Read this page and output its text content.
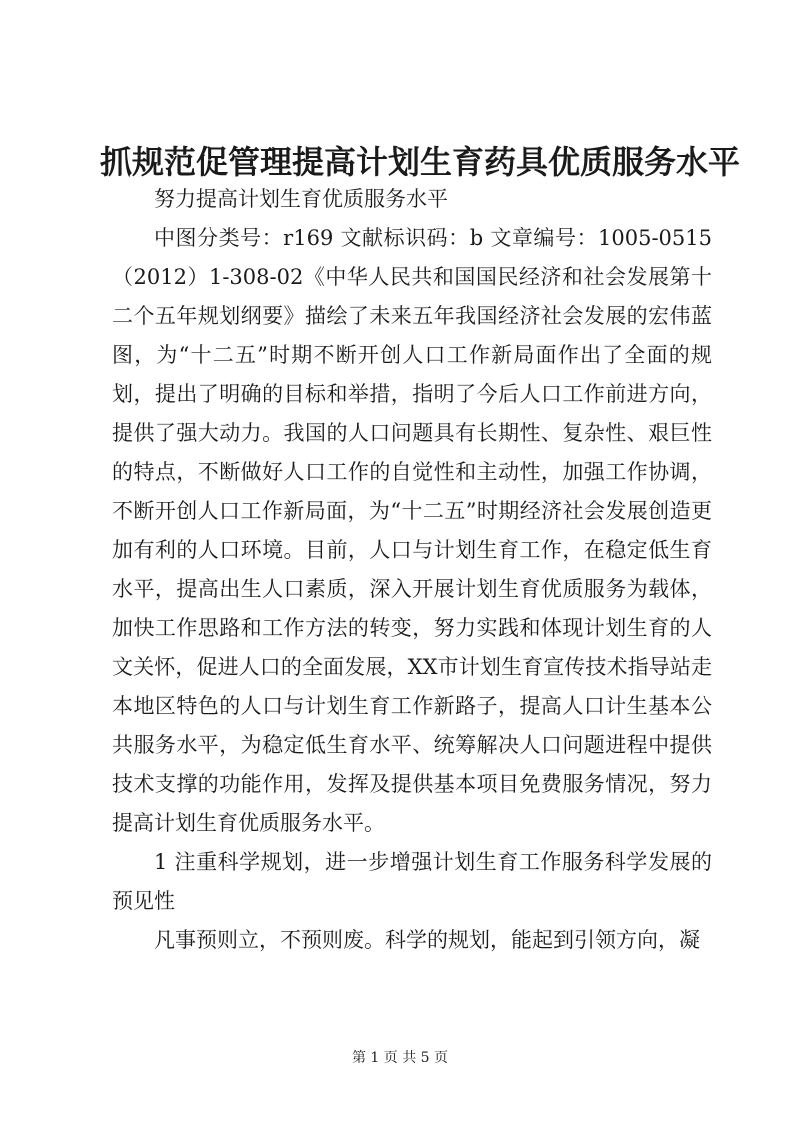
抓规范促管理提高计划生育药具优质服务水平

努力提高计划生育优质服务水平

中图分类号：r169 文献标识码：b 文章编号：1005-0515（2012）1-308-02《中华人民共和国国民经济和社会发展第十二个五年规划纲要》描绘了未来五年我国经济社会发展的宏伟蓝图，为“十二五”时期不断开创人口工作新局面作出了全面的规划，提出了明确的目标和举措，指明了今后人口工作前进方向，提供了强大动力。我国的人口问题具有长期性、复杂性、艰巨性的特点，不断做好人口工作的自觉性和主动性，加强工作协调，不断开创人口工作新局面，为“十二五”时期经济社会发展创造更加有利的人口环境。目前，人口与计划生育工作，在稳定低生育水平，提高出生人口素质，深入开展计划生育优质服务为载体，加快工作思路和工作方法的转变，努力实践和体现计划生育的人文关怀，促进人口的全面发展，XX市计划生育宣传技术指导站走本地区特色的人口与计划生育工作新路子，提高人口计生基本公共服务水平，为稳定低生育水平、统筹解决人口问题进程中提供技术支撑的功能作用，发挥及提供基本项目免费服务情况，努力提高计划生育优质服务水平。

1 注重科学规划，进一步增强计划生育工作服务科学发展的预见性

凡事预则立，不预则废。科学的规划，能起到引领方向，凝

第 1 页 共 5 页
